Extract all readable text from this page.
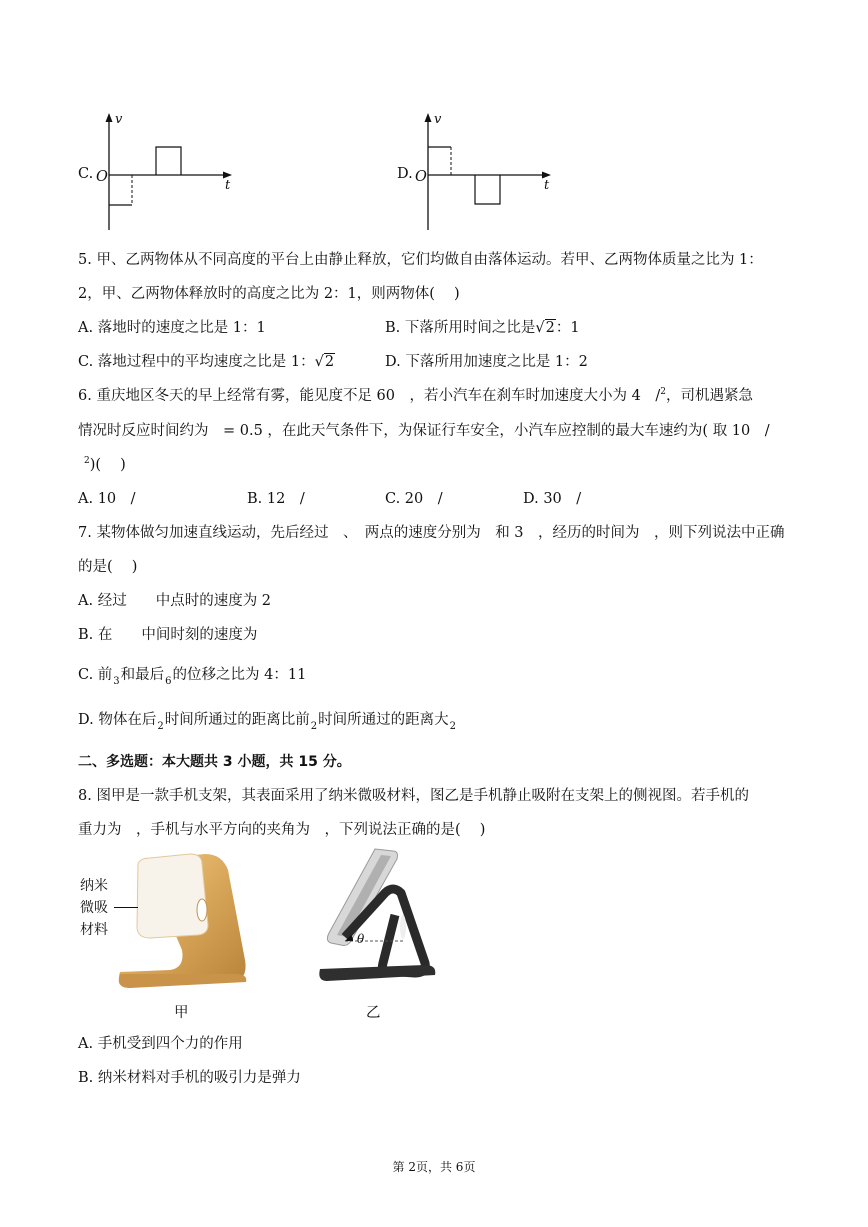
C.
v
O
t
D.
v
O
t
5. 甲、乙两物体从不同高度的平台上由静止释放，它们均做自由落体运动。若甲、乙两物体质量之比为 1：
2，甲、乙两物体释放时的高度之比为 2：1，则两物体(　 )
A. 落地时的速度之比是 1：1	B. 下落所用时间之比是√2：1
C. 落地过程中的平均速度之比是 1：√2	D. 下落所用加速度之比是 1：2
6. 重庆地区冬天的早上经常有雾，能见度不足 60　，若小汽车在刹车时加速度大小为 4　/$^2$，司机遇紧急
情况时反应时间约为　= 0.5 ，在此天气条件下，为保证行车安全，小汽车应控制的最大车速约为( 取 10　/
$^2$)(　 )
A. 10　/	B. 12　/	C. 20　/	D. 30　/
7. 某物体做匀加速直线运动，先后经过　、　两点的速度分别为　和 3　，经历的时间为　，则下列说法中正确
的是(　 )
A. 经过　　中点时的速度为 2
B. 在　　中间时刻的速度为
C. 前$_3$和最后$_6$的位移之比为 4：11
D. 物体在后$_2$时间所通过的距离比前$_2$时间所通过的距离大$_2$
二、多选题：本大题共 3 小题，共 15 分。
8. 图甲是一款手机支架，其表面采用了纳米微吸材料，图乙是手机静止吸附在支架上的侧视图。若手机的
重力为　，手机与水平方向的夹角为　，下列说法正确的是(　 )
纳米
微吸
材料
甲
θ
乙
A. 手机受到四个力的作用
B. 纳米材料对手机的吸引力是弹力
第 2页，共 6页
